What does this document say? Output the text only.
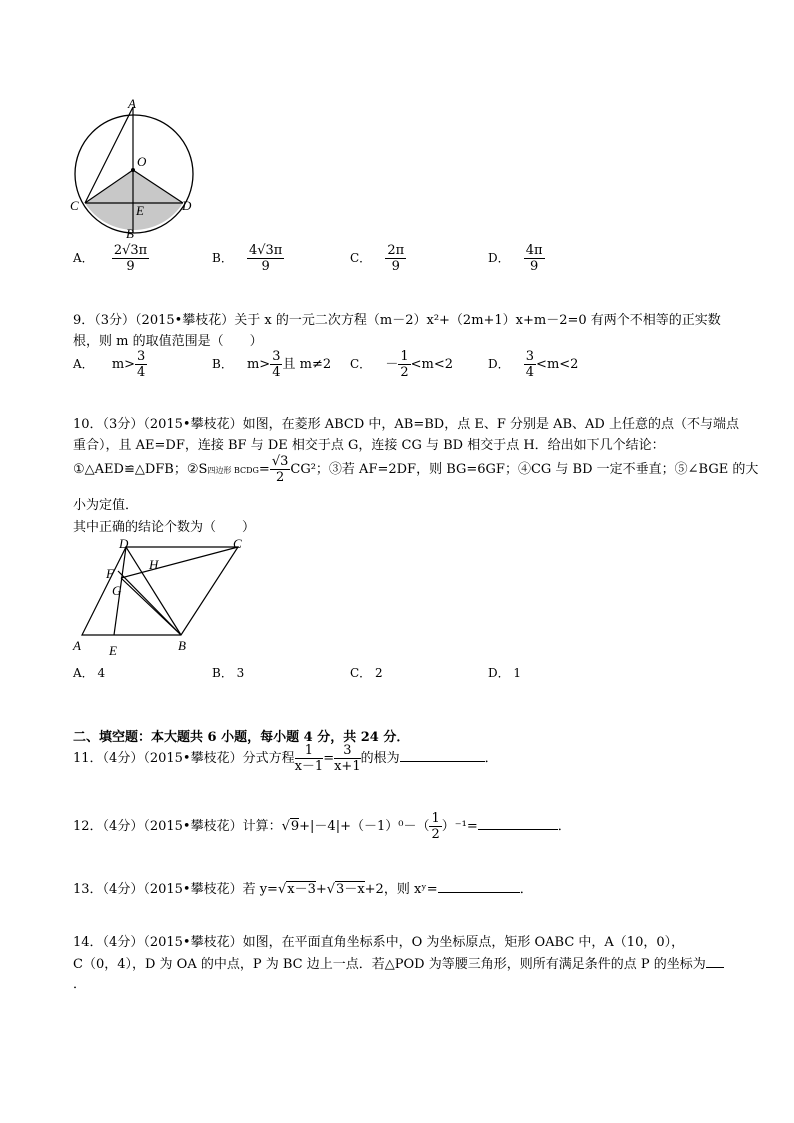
A
O
C	D
E
B
A． $\frac{2√3\pi}{9}$	B． $\frac{4√3\pi}{9}$	C． $\frac{2\pi}{9}$	D． $\frac{4\pi}{9}$
9．（3分）（2015•攀枝花）关于 x 的一元二次方程（m－2）x²+（2m+1）x+m－2=0 有两个不相等的正实数
根，则 m 的取值范围是（　　）
A． $m> \frac{3}{4}$	B． $m> \frac{3}{4}$ 且 m≠2 C． － $\frac{1}{2} <m<2$	D． $\frac{3}{4} <m<2$
10．（3分）（2015•攀枝花）如图，在菱形 ABCD 中，AB=BD，点 E、F 分别是 AB、AD 上任意的点（不与端点
重合），且 AE=DF，连接 BF 与 DE 相交于点 G，连接 CG 与 BD 相交于点 H．给出如下几个结论：
①△AED≌△DFB；②S四边形 BCDG= $\frac{√3}{2} CG^2$；③若 AF=2DF，则 BG=6GF；④CG 与 BD 一定不垂直；⑤∠BGE 的大
小为定值．
其中正确的结论个数为（　　）
D	C
F
H
G
A E	B
A． 4	B． 3	C． 2	D． 1
二、填空题：本大题共 6 小题，每小题 4 分，共 24 分．
11．（4分）（2015•攀枝花）分式方程 $\frac{1}{x-1} = \frac{3}{x+1}$ 的根为	．
12．（4分）（2015•攀枝花）计算：$√9+|-4|+(-1)^0-( \frac{1}{2} )^{-1}=$	．
13．（4分）（2015•攀枝花）若 y=√x－3+√3－x+2，则 xʸ=	．
14．（4分）（2015•攀枝花）如图，在平面直角坐标系中，O 为坐标原点，矩形 OABC 中，A（10，0），
C（0，4），D 为 OA 的中点，P 为 BC 边上一点．若△POD 为等腰三角形，则所有满足条件的点 P 的坐标为
．
